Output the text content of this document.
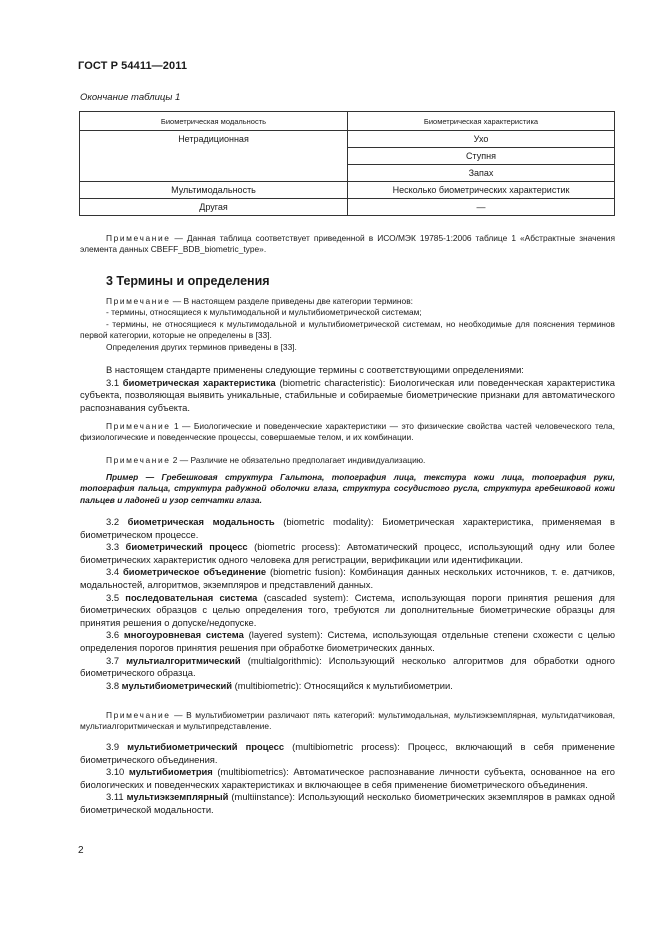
ГОСТ Р 54411—2011
Окончание таблицы 1
Биометрическая модальность	Биометрическая характеристика
Нетрадиционная	Ухо
	Ступня
	Запах
Мультимодальность	Несколько биометрических характеристик
Другая	—
Примечание — Данная таблица соответствует приведенной в ИСО/МЭК 19785-1:2006 таблице 1 «Абстрактные значения элемента данных CBEFF_BDB_biometric_type».
3 Термины и определения

Примечание — В настоящем разделе приведены две категории терминов:

- термины, относящиеся к мультимодальной и мультибиометрической системам;

- термины, не относящиеся к мультимодальной и мультибиометрической системам, но необходимые для пояснения терминов первой категории, которые не определены в [33].

Определения других терминов приведены в [33].

В настоящем стандарте применены следующие термины с соответствующими определениями:

3.1 биометрическая характеристика (biometric characteristic): Биологическая или поведенческая характеристика субъекта, позволяющая выявить уникальные, стабильные и собираемые биометрические признаки для автоматического распознавания субъекта.

Примечание 1 — Биологические и поведенческие характеристики — это физические свойства частей человеческого тела, физиологические и поведенческие процессы, совершаемые телом, и их комбинации.
Примечание 2 — Различие не обязательно предполагает индивидуализацию.
Пример — Гребешковая структура Гальтона, топография лица, текстура кожи лица, топография руки, топография пальца, структура радужной оболочки глаза, структура сосудистого русла, структура гребешковой кожи пальцев и ладоней и узор сетчатки глаза.

3.2 биометрическая модальность (biometric modality): Биометрическая характеристика, применяемая в биометрическом процессе.

3.3 биометрический процесс (biometric process): Автоматический процесс, использующий одну или более биометрических характеристик одного человека для регистрации, верификации или идентификации.

3.4 биометрическое объединение (biometric fusion): Комбинация данных нескольких источников, т. е. датчиков, модальностей, алгоритмов, экземпляров и представлений данных.

3.5 последовательная система (cascaded system): Система, использующая пороги принятия решения для биометрических образцов с целью определения того, требуются ли дополнительные биометрические образцы для принятия решения о допуске/недопуске.

3.6 многоуровневая система (layered system): Система, использующая отдельные степени схожести с целью определения порогов принятия решения при обработке биометрических данных.

3.7 мультиалгоритмический (multialgorithmic): Использующий несколько алгоритмов для обработки одного биометрического образца.

3.8 мультибиометрический (multibiometric): Относящийся к мультибиометрии.

Примечание — В мультибиометрии различают пять категорий: мультимодальная, мультиэкземплярная, мультидатчиковая, мультиалгоритмическая и мультипредставление.

3.9 мультибиометрический процесс (multibiometric process): Процесс, включающий в себя применение биометрического объединения.

3.10 мультибиометрия (multibiometrics): Автоматическое распознавание личности субъекта, основанное на его биологических и поведенческих характеристиках и включающее в себя применение биометрического объединения.

3.11 мультиэкземплярный (multiinstance): Использующий несколько биометрических экземпляров в рамках одной биометрической модальности.

2
